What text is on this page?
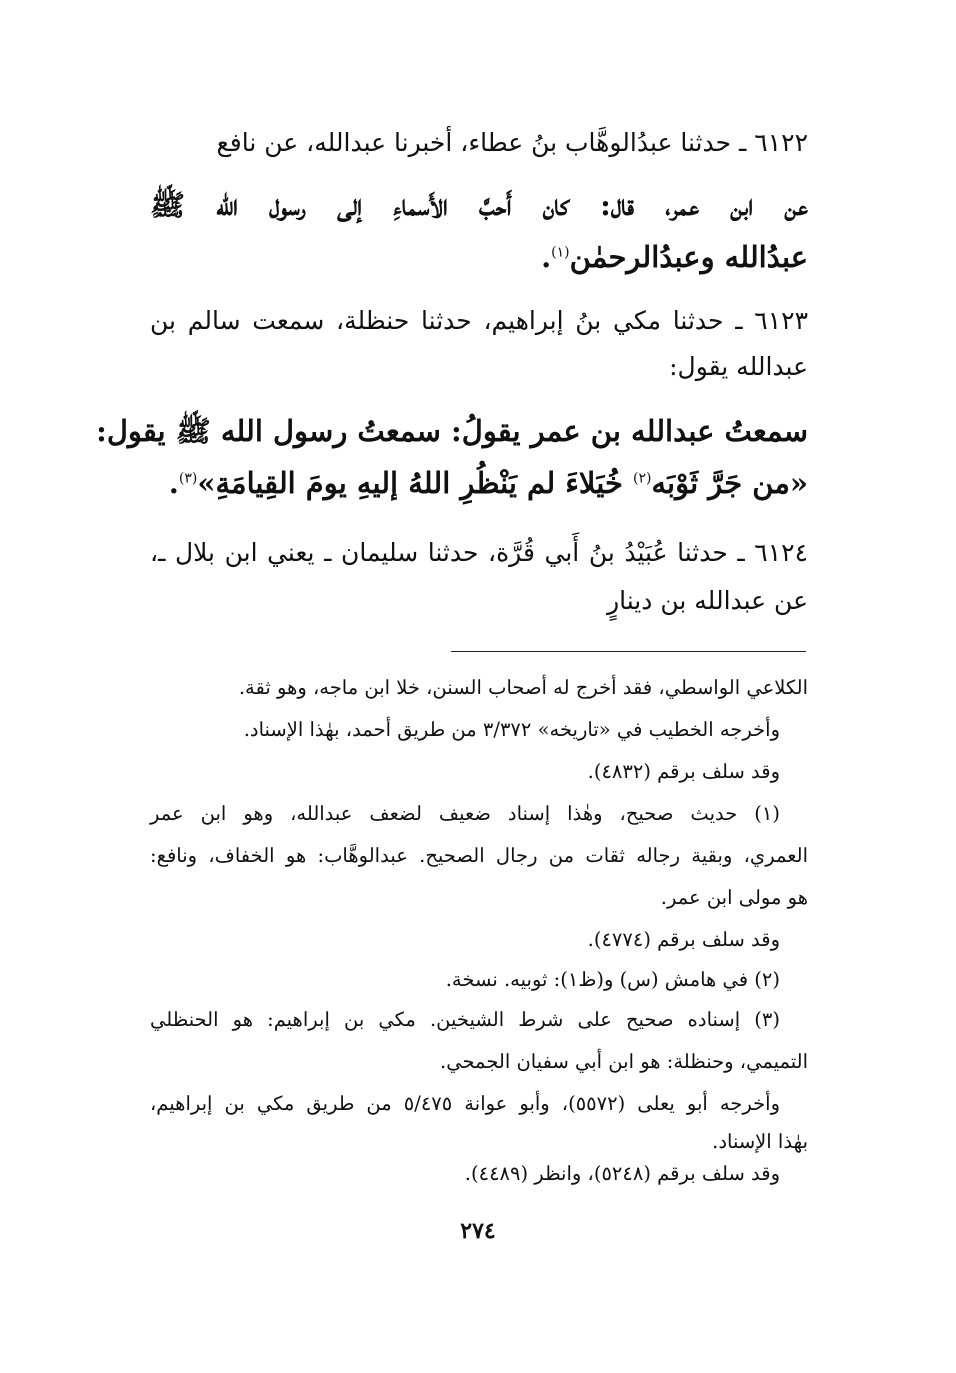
٦١٢٢ ـ حدثنا عبدُالوهَّاب بنُ عطاء، أخبرنا عبدالله، عن نافع
عن ابن عمر، قال: كان أَحبَّ الأَسماءِ إلى رسول الله ﷺ
عبدُالله وعبدُالرحمٰن$^{(١)}$.
٦١٢٣ ـ حدثنا مكي بنُ إبراهيم، حدثنا حنظلة، سمعت سالم بن
عبدالله يقول:
سمعتُ عبدالله بن عمر يقولُ: سمعتُ رسول الله ﷺ يقول:
«من جَرَّ ثَوْبَه$^{(٢)}$ خُيَلاءَ لم يَنْظُرِ اللهُ إليهِ يومَ القِيامَةِ»$^{(٣)}$.
٦١٢٤ ـ حدثنا عُبَيْدُ بنُ أَبي قُرَّة، حدثنا سليمان ـ يعني ابن بلال ـ،
عن عبدالله بن دينارٍ
الكلاعي الواسطي، فقد أخرج له أصحاب السنن، خلا ابن ماجه، وهو ثقة.
وأخرجه الخطيب في «تاريخه» ٣/٣٧٢ من طريق أحمد، بهٰذا الإسناد.
وقد سلف برقم (٤٨٣٢).
(١) حديث صحيح، وهٰذا إسناد ضعيف لضعف عبدالله، وهو ابن عمر
العمري، وبقية رجاله ثقات من رجال الصحيح. عبدالوهَّاب: هو الخفاف، ونافع:
هو مولى ابن عمر.
وقد سلف برقم (٤٧٧٤).
(٢) في هامش (س) و(ظ١): ثوبيه. نسخة.
(٣) إسناده صحيح على شرط الشيخين. مكي بن إبراهيم: هو الحنظلي
التميمي، وحنظلة: هو ابن أبي سفيان الجمحي.
وأخرجه أبو يعلى (٥٥٧٢)، وأبو عوانة ٥/٤٧٥ من طريق مكي بن إبراهيم،
بهٰذا الإسناد.
وقد سلف برقم (٥٢٤٨)، وانظر (٤٤٨٩).
٢٧٤
